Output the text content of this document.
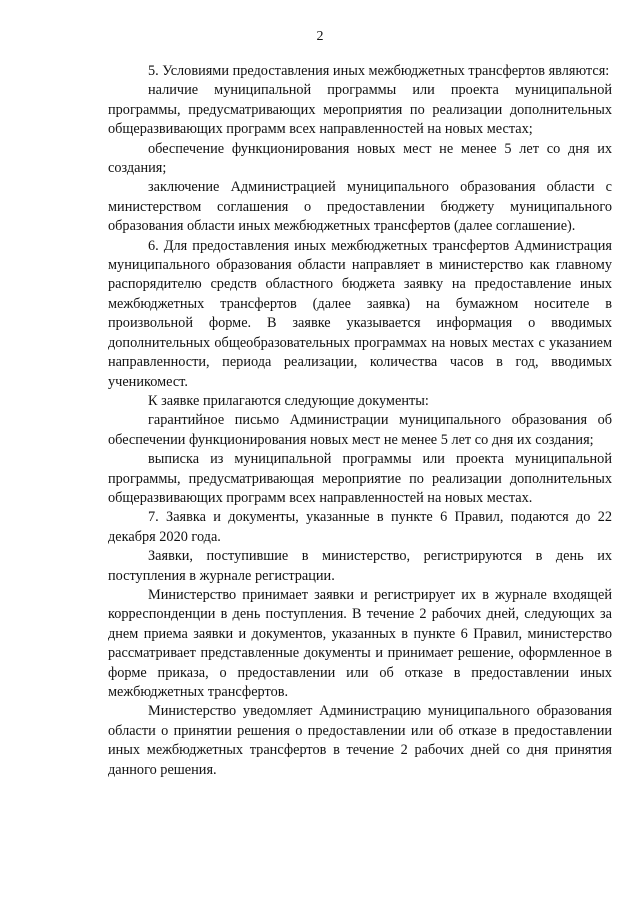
2

5. Условиями предоставления иных межбюджетных трансфертов являются:

наличие муниципальной программы или проекта муниципальной программы, предусматривающих мероприятия по реализации дополнительных общеразвивающих программ всех направленностей на новых местах;

обеспечение функционирования новых мест не менее 5 лет со дня их создания;

заключение Администрацией муниципального образования области с министерством соглашения о предоставлении бюджету муниципального образования области иных межбюджетных трансфертов (далее соглашение).

6. Для предоставления иных межбюджетных трансфертов Администрация муниципального образования области направляет в министерство как главному распорядителю средств областного бюджета заявку на предоставление иных межбюджетных трансфертов (далее заявка) на бумажном носителе в произвольной форме. В заявке указывается информация о вводимых дополнительных общеобразовательных программах на новых местах с указанием направленности, периода реализации, количества часов в год, вводимых ученикомест.

К заявке прилагаются следующие документы:

гарантийное письмо Администрации муниципального образования об обеспечении функционирования новых мест не менее 5 лет со дня их создания;

выписка из муниципальной программы или проекта муниципальной программы, предусматривающая мероприятие по реализации дополнительных общеразвивающих программ всех направленностей на новых местах.

7. Заявка и документы, указанные в пункте 6 Правил, подаются до 22 декабря 2020 года.

Заявки, поступившие в министерство, регистрируются в день их поступления в журнале регистрации.

Министерство принимает заявки и регистрирует их в журнале входящей корреспонденции в день поступления. В течение 2 рабочих дней, следующих за днем приема заявки и документов, указанных в пункте 6 Правил, министерство рассматривает представленные документы и принимает решение, оформленное в форме приказа, о предоставлении или об отказе в предоставлении иных межбюджетных трансфертов.

Министерство уведомляет Администрацию муниципального образования области о принятии решения о предоставлении или об отказе в предоставлении иных межбюджетных трансфертов в течение 2 рабочих дней со дня принятия данного решения.
